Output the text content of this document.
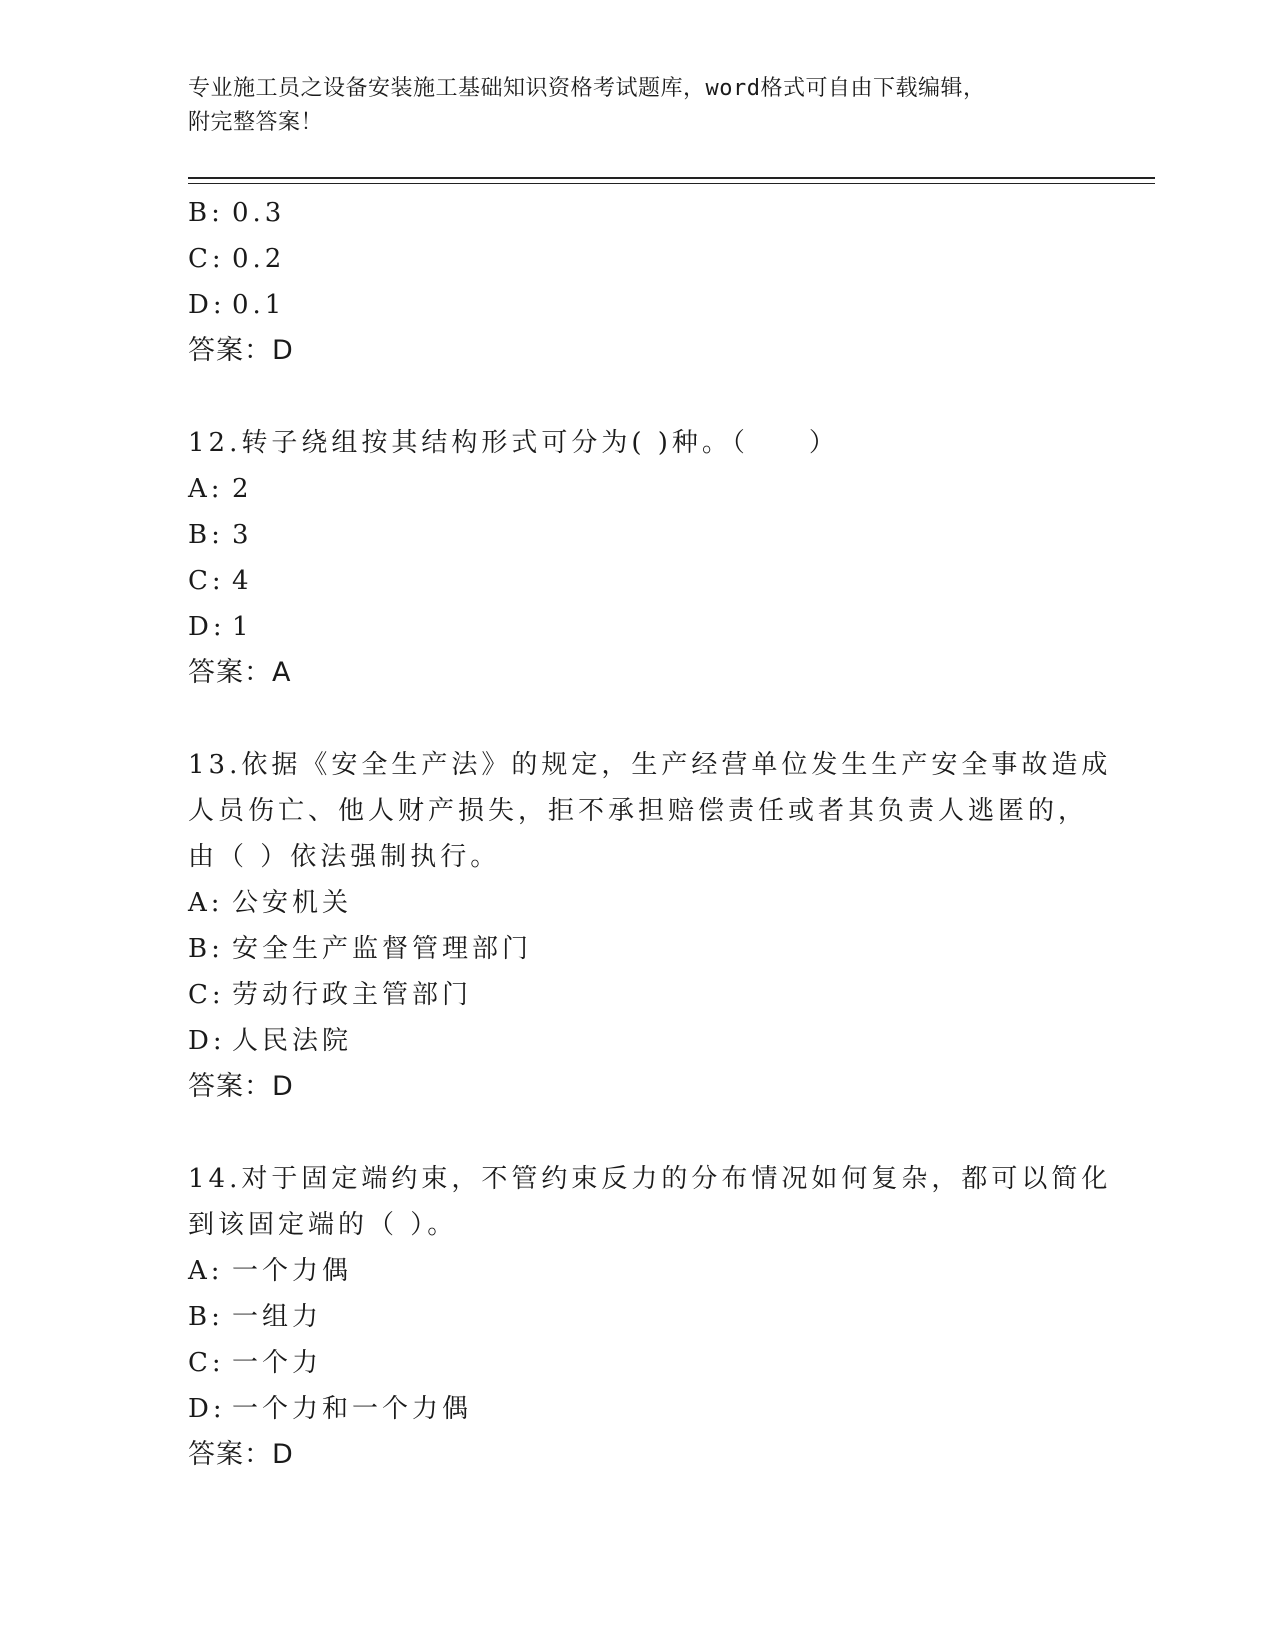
专业施工员之设备安装施工基础知识资格考试题库，word格式可自由下载编辑，
附完整答案！
B: 0.3
C: 0.2
D: 0.1
答案：D
12.转子绕组按其结构形式可分为( )种。（　　）
A: 2
B: 3
C: 4
D: 1
答案：A
13.依据《安全生产法》的规定，生产经营单位发生生产安全事故造成
人员伤亡、他人财产损失，拒不承担赔偿责任或者其负责人逃匿的，
由（ ）依法强制执行。
A: 公安机关
B: 安全生产监督管理部门
C: 劳动行政主管部门
D: 人民法院
答案：D
14.对于固定端约束，不管约束反力的分布情况如何复杂，都可以简化
到该固定端的（ ）。
A: 一个力偶
B: 一组力
C: 一个力
D: 一个力和一个力偶
答案：D
